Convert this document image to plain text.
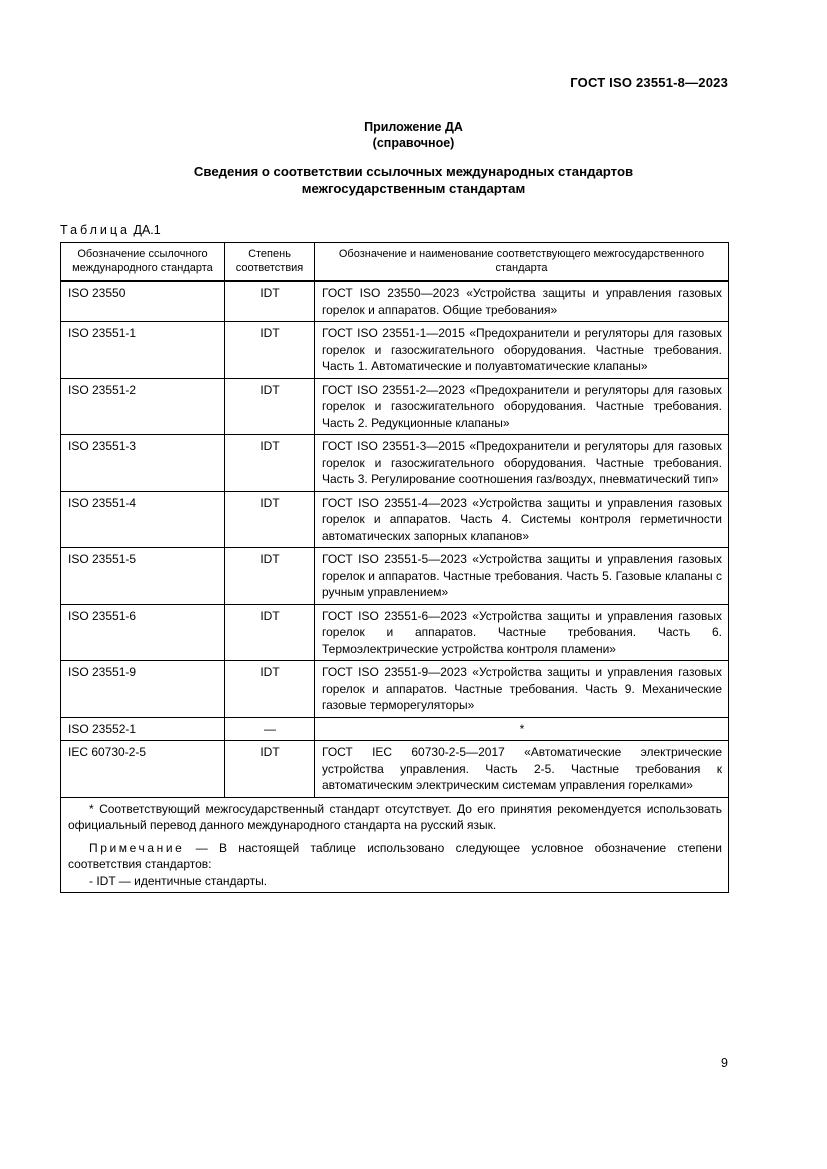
ГОСТ ISO 23551-8—2023
Приложение ДА
(справочное)
Сведения о соответствии ссылочных международных стандартов
межгосударственным стандартам
Таблица ДА.1
Обозначение ссылочного международного стандарта	Степень соответствия	Обозначение и наименование соответствующего межгосударственного стандарта
ISO 23550	IDT	ГОСТ ISO 23550—2023 «Устройства защиты и управления газовых горелок и аппаратов. Общие требования»
ISO 23551-1	IDT	ГОСТ ISO 23551-1—2015 «Предохранители и регуляторы для газовых горелок и газосжигательного оборудования. Частные требования. Часть 1. Автоматические и полуавтоматические клапаны»
ISO 23551-2	IDT	ГОСТ ISO 23551-2—2023 «Предохранители и регуляторы для газовых горелок и газосжигательного оборудования. Частные требования. Часть 2. Редукционные клапаны»
ISO 23551-3	IDT	ГОСТ ISO 23551-3—2015 «Предохранители и регуляторы для газовых горелок и газосжигательного оборудования. Частные требования. Часть 3. Регулирование соотношения газ/воздух, пневматический тип»
ISO 23551-4	IDT	ГОСТ ISO 23551-4—2023 «Устройства защиты и управления газовых горелок и аппаратов. Часть 4. Системы контроля герметичности автоматических запорных клапанов»
ISO 23551-5	IDT	ГОСТ ISO 23551-5—2023 «Устройства защиты и управления газовых горелок и аппаратов. Частные требования. Часть 5. Газовые клапаны с ручным управлением»
ISO 23551-6	IDT	ГОСТ ISO 23551-6—2023 «Устройства защиты и управления газовых горелок и аппаратов. Частные требования. Часть 6. Термоэлектрические устройства контроля пламени»
ISO 23551-9	IDT	ГОСТ ISO 23551-9—2023 «Устройства защиты и управления газовых горелок и аппаратов. Частные требования. Часть 9. Механические газовые терморегуляторы»
ISO 23552-1	—	*
IEC 60730-2-5	IDT	ГОСТ IEC 60730-2-5—2017 «Автоматические электрические устройства управления. Часть 2-5. Частные требования к автоматическим электрическим системам управления горелками»

* Соответствующий межгосударственный стандарт отсутствует. До его принятия рекомендуется использовать официальный перевод данного международного стандарта на русский язык.

Примечание — В настоящей таблице использовано следующее условное обозначение степени соответствия стандартов:

- IDT — идентичные стандарты.		

9
